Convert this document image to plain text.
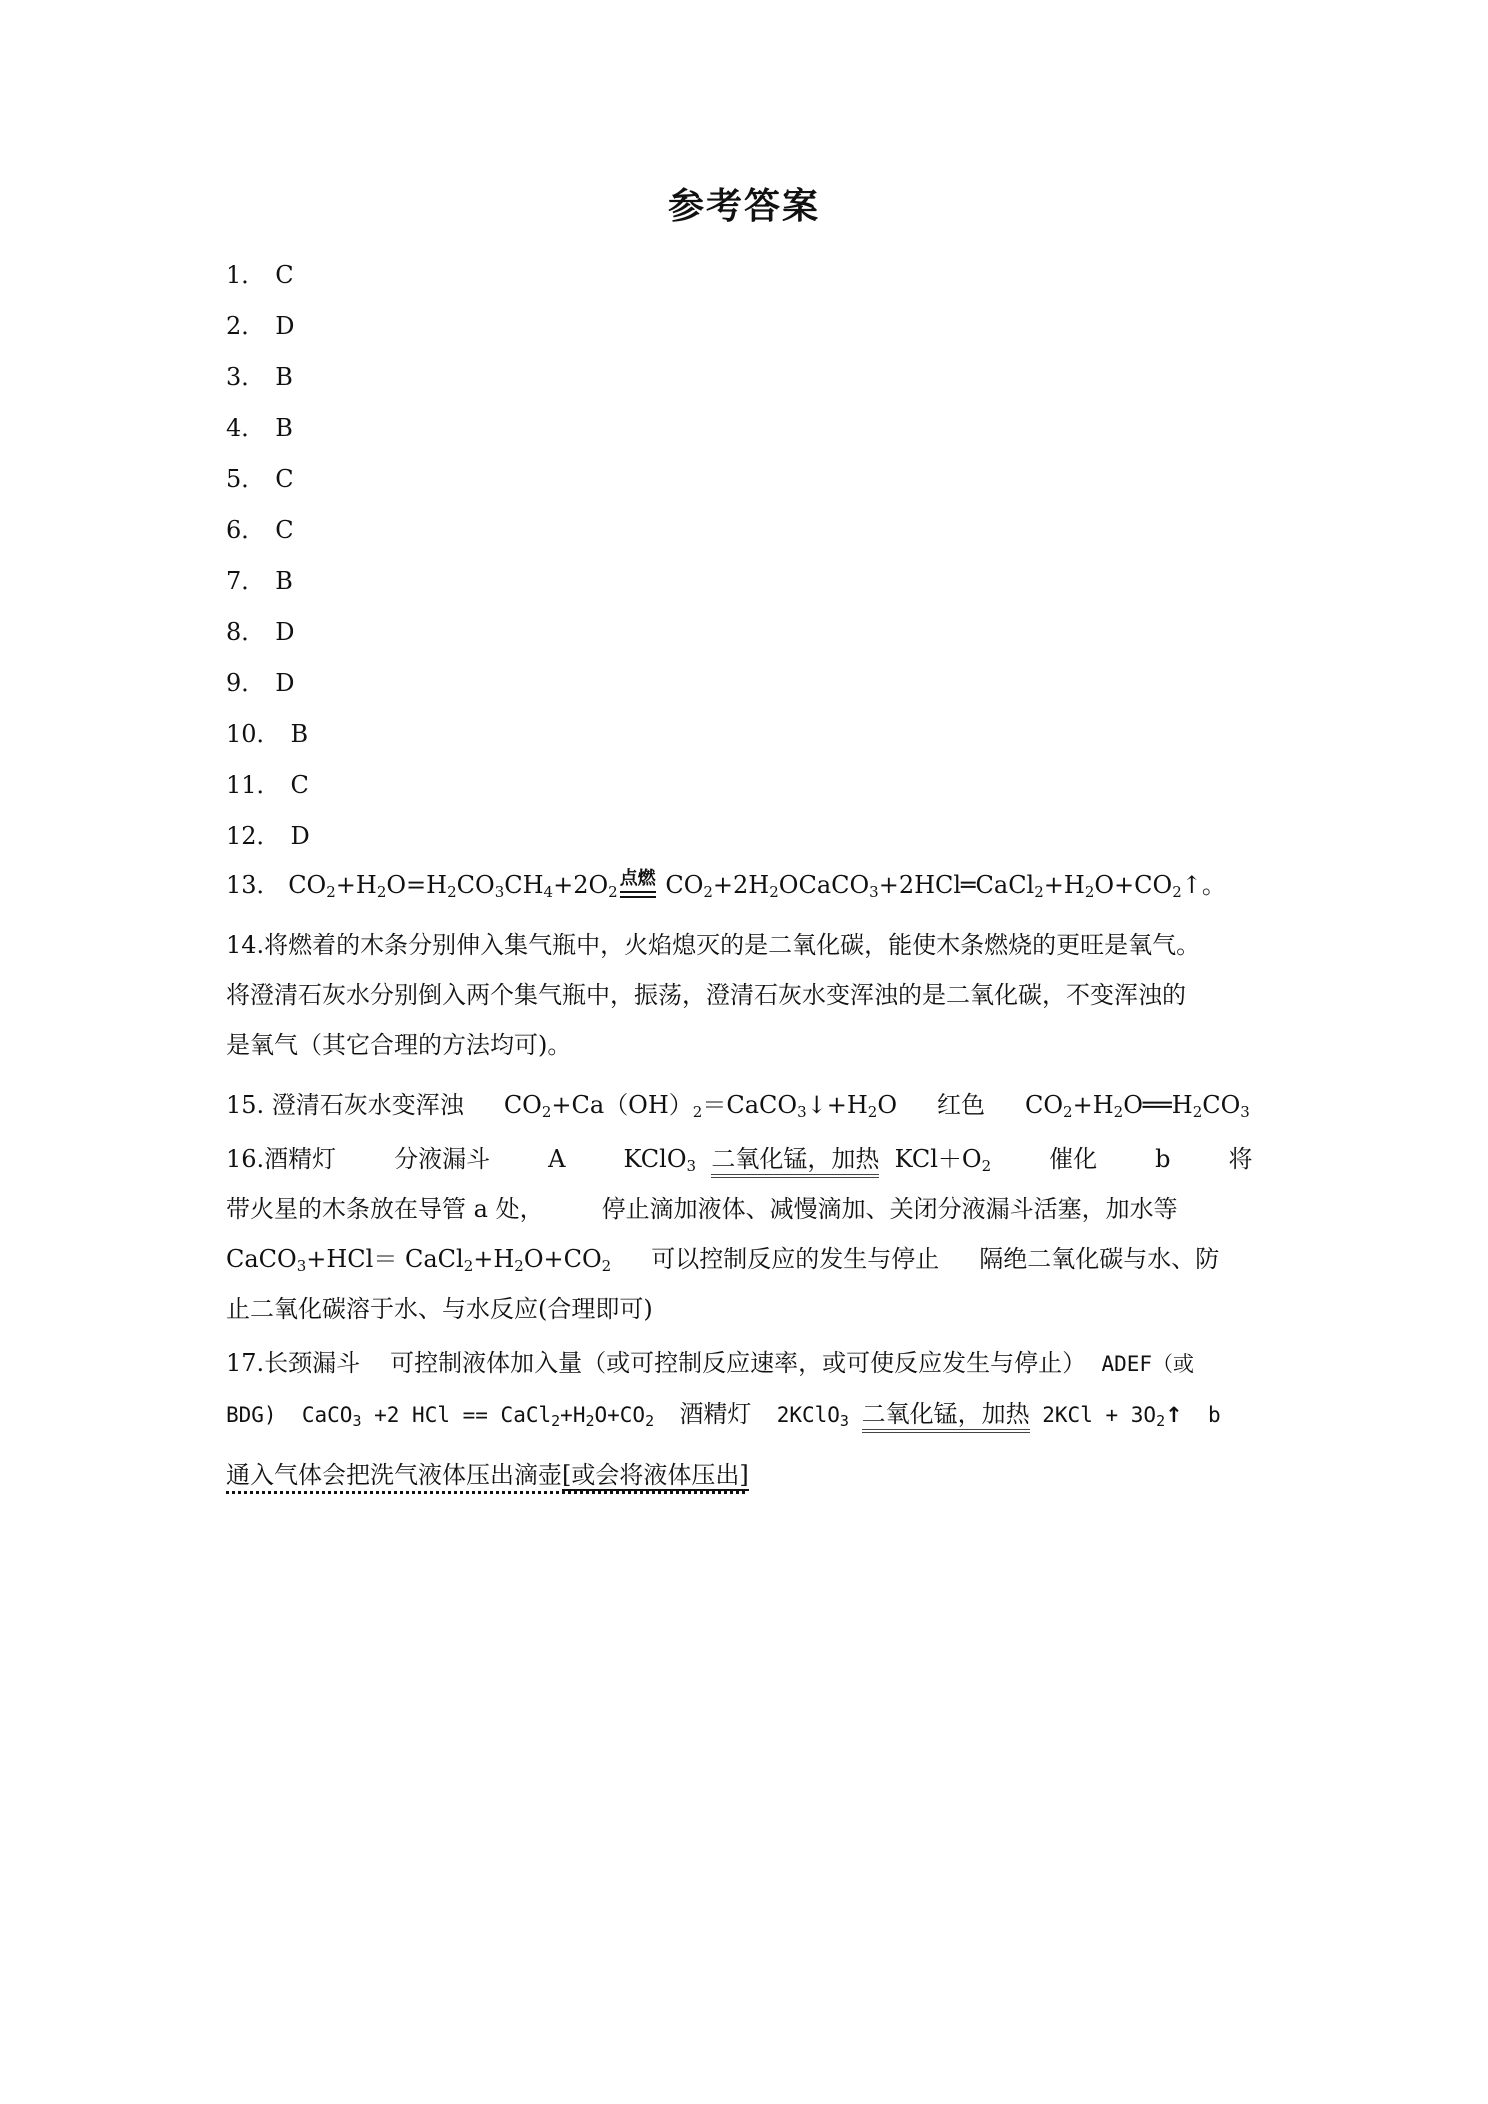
参考答案
1． C
2． D
3． B
4． B
5． C
6． C
7． B
8． D
9． D
10． B
11． C
12． D
13． $CO_2+H_2O=H_2CO_3CH_4+2O_2$
点燃 $CO_2+2H_2OCaCO_3+2HCl═CaCl_2+H_2O+CO_2↑$。
14.将燃着的木条分别伸入集气瓶中，火焰熄灭的是二氧化碳，能使木条燃烧的更旺是氧气。
将澄清石灰水分别倒入两个集气瓶中，振荡，澄清石灰水变浑浊的是二氧化碳，不变浑浊的
是氧气（其它合理的方法均可)。
15. 澄清石灰水变浑浊 $CO_2+Ca(OH)_2=CaCO_3↓+H_2O$ 红色 $CO_2+H_2O══H_2CO_3$
16.酒精灯 分液漏斗 A KClO$_3$ 二氧化锰，加热 $KCl+O_2$ 催化 b 将
带火星的木条放在导管 a 处， 停止滴加液体、减慢滴加、关闭分液漏斗活塞，加水等
CaCO$_3$+HCl＝ $CaCl_2+H_2O+CO_2$ 可以控制反应的发生与停止 隔绝二氧化碳与水、防
止二氧化碳溶于水、与水反应(合理即可)
17.长颈漏斗 可控制液体加入量（或可控制反应速率，或可使反应发生与停止） ADEF（或
BDG) CaCO$_3$ +2 HCl == $CaCl_2+H_2O+CO_2$ 酒精灯 2KClO$_3$ 二氧化锰，加热 $2KCl + 3O_2↑$ b
通入气体会把洗气液体压出滴壶[或会将液体压出]
